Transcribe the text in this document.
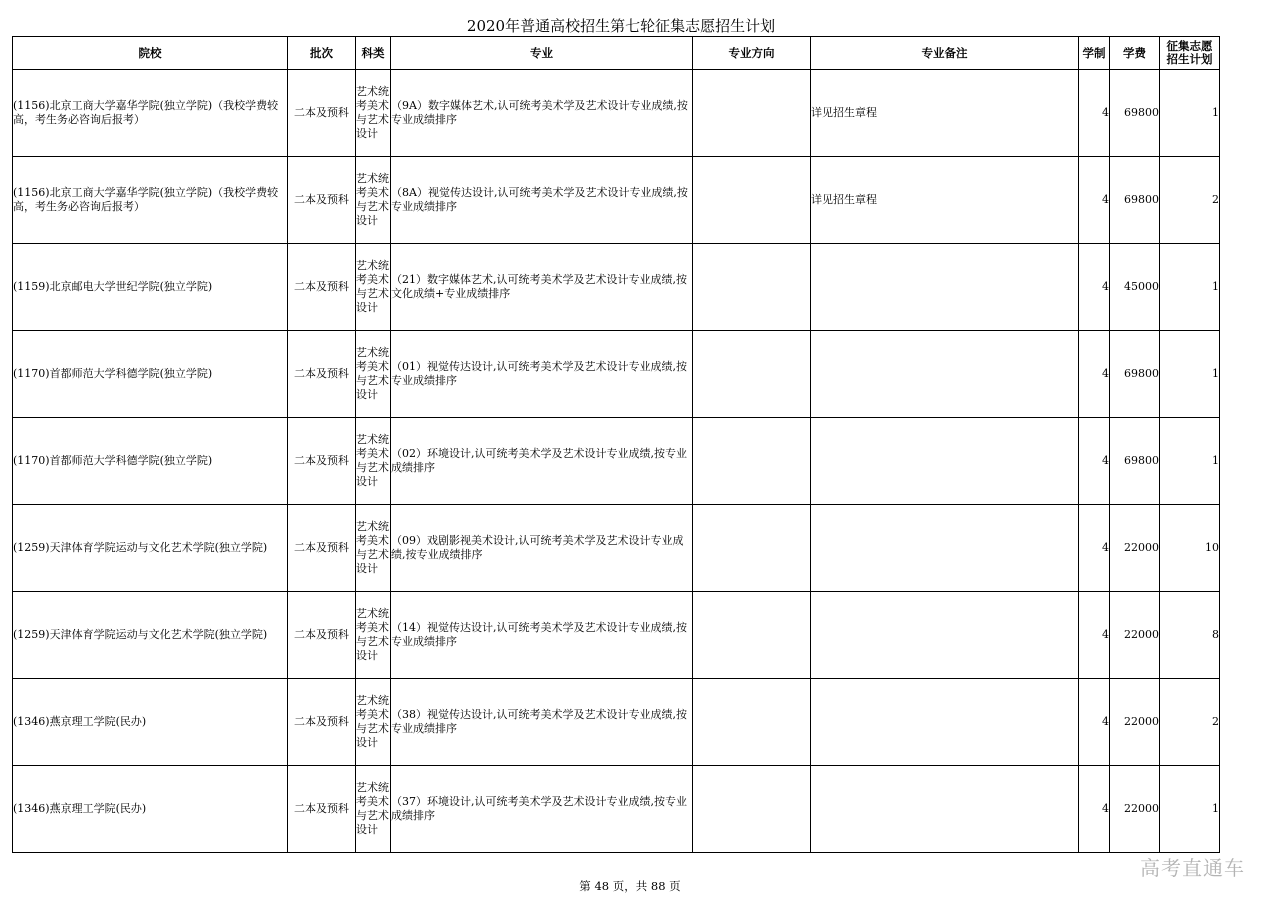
2020年普通高校招生第七轮征集志愿招生计划
院校	批次	科类	专业	专业方向	专业备注	学制	学费	征集志愿
招生计划

(1156)北京工商大学嘉华学院(独立学院)（我校学费较高，考生务必咨询后报考）	二本及预科	艺术统考美术与艺术设计	（9A）数字媒体艺术,认可统考美术学及艺术设计专业成绩,按专业成绩排序		详见招生章程	4	69800	1
(1156)北京工商大学嘉华学院(独立学院)（我校学费较高，考生务必咨询后报考）	二本及预科	艺术统考美术与艺术设计	（8A）视觉传达设计,认可统考美术学及艺术设计专业成绩,按专业成绩排序		详见招生章程	4	69800	2
(1159)北京邮电大学世纪学院(独立学院)	二本及预科	艺术统考美术与艺术设计	（21）数字媒体艺术,认可统考美术学及艺术设计专业成绩,按文化成绩+专业成绩排序			4	45000	1
(1170)首都师范大学科德学院(独立学院)	二本及预科	艺术统考美术与艺术设计	（01）视觉传达设计,认可统考美术学及艺术设计专业成绩,按专业成绩排序			4	69800	1
(1170)首都师范大学科德学院(独立学院)	二本及预科	艺术统考美术与艺术设计	（02）环境设计,认可统考美术学及艺术设计专业成绩,按专业成绩排序			4	69800	1
(1259)天津体育学院运动与文化艺术学院(独立学院)	二本及预科	艺术统考美术与艺术设计	（09）戏剧影视美术设计,认可统考美术学及艺术设计专业成绩,按专业成绩排序			4	22000	10
(1259)天津体育学院运动与文化艺术学院(独立学院)	二本及预科	艺术统考美术与艺术设计	（14）视觉传达设计,认可统考美术学及艺术设计专业成绩,按专业成绩排序			4	22000	8
(1346)燕京理工学院(民办)	二本及预科	艺术统考美术与艺术设计	（38）视觉传达设计,认可统考美术学及艺术设计专业成绩,按专业成绩排序			4	22000	2
(1346)燕京理工学院(民办)	二本及预科	艺术统考美术与艺术设计	（37）环境设计,认可统考美术学及艺术设计专业成绩,按专业成绩排序			4	22000	1
高考直通车
第 48 页，共 88 页
